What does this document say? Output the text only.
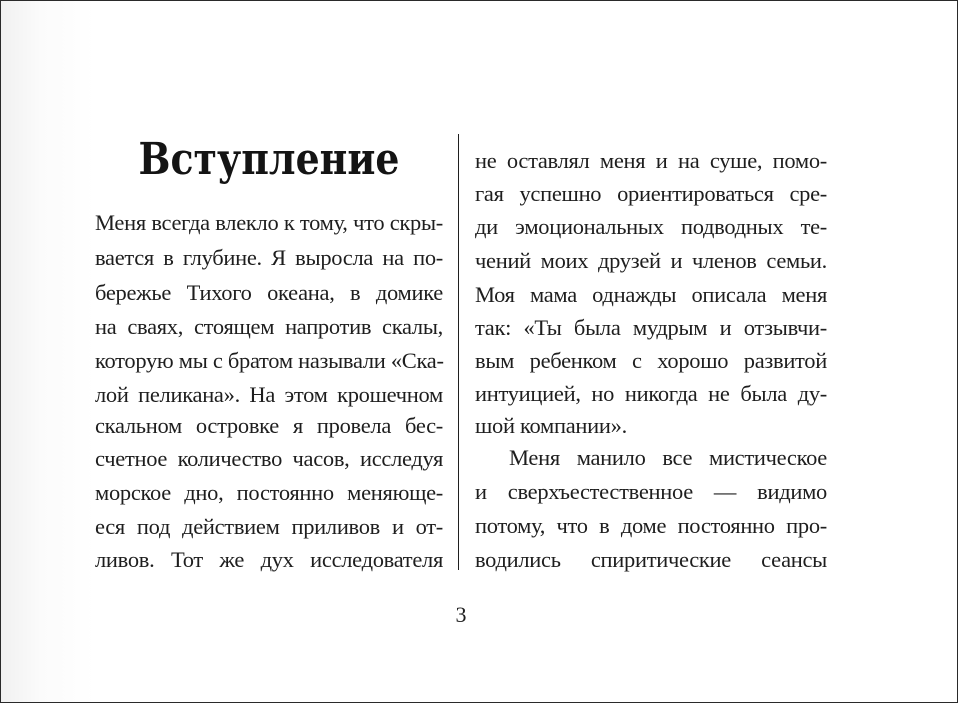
Вступление
Меня всегда влекло к тому, что скры-
вается в глубине. Я выросла на по-
бережье Тихого океана, в домике
на сваях, стоящем напротив скалы,
которую мы с братом называли «Ска-
лой пеликана». На этом крошечном
скальном островке я провела бес-
счетное количество часов, исследуя
морское дно, постоянно меняюще-
еся под действием приливов и от-
ливов. Тот же дух исследователя
не оставлял меня и на суше, помо-
гая успешно ориентироваться сре-
ди эмоциональных подводных те-
чений моих друзей и членов семьи.
Моя мама однажды описала меня
так: «Ты была мудрым и отзывчи-
вым ребенком с хорошо развитой
интуицией, но никогда не была ду-
шой компании».
Меня манило все мистическое
и сверхъестественное — видимо
потому, что в доме постоянно про-
водились спиритические сеансы
3
